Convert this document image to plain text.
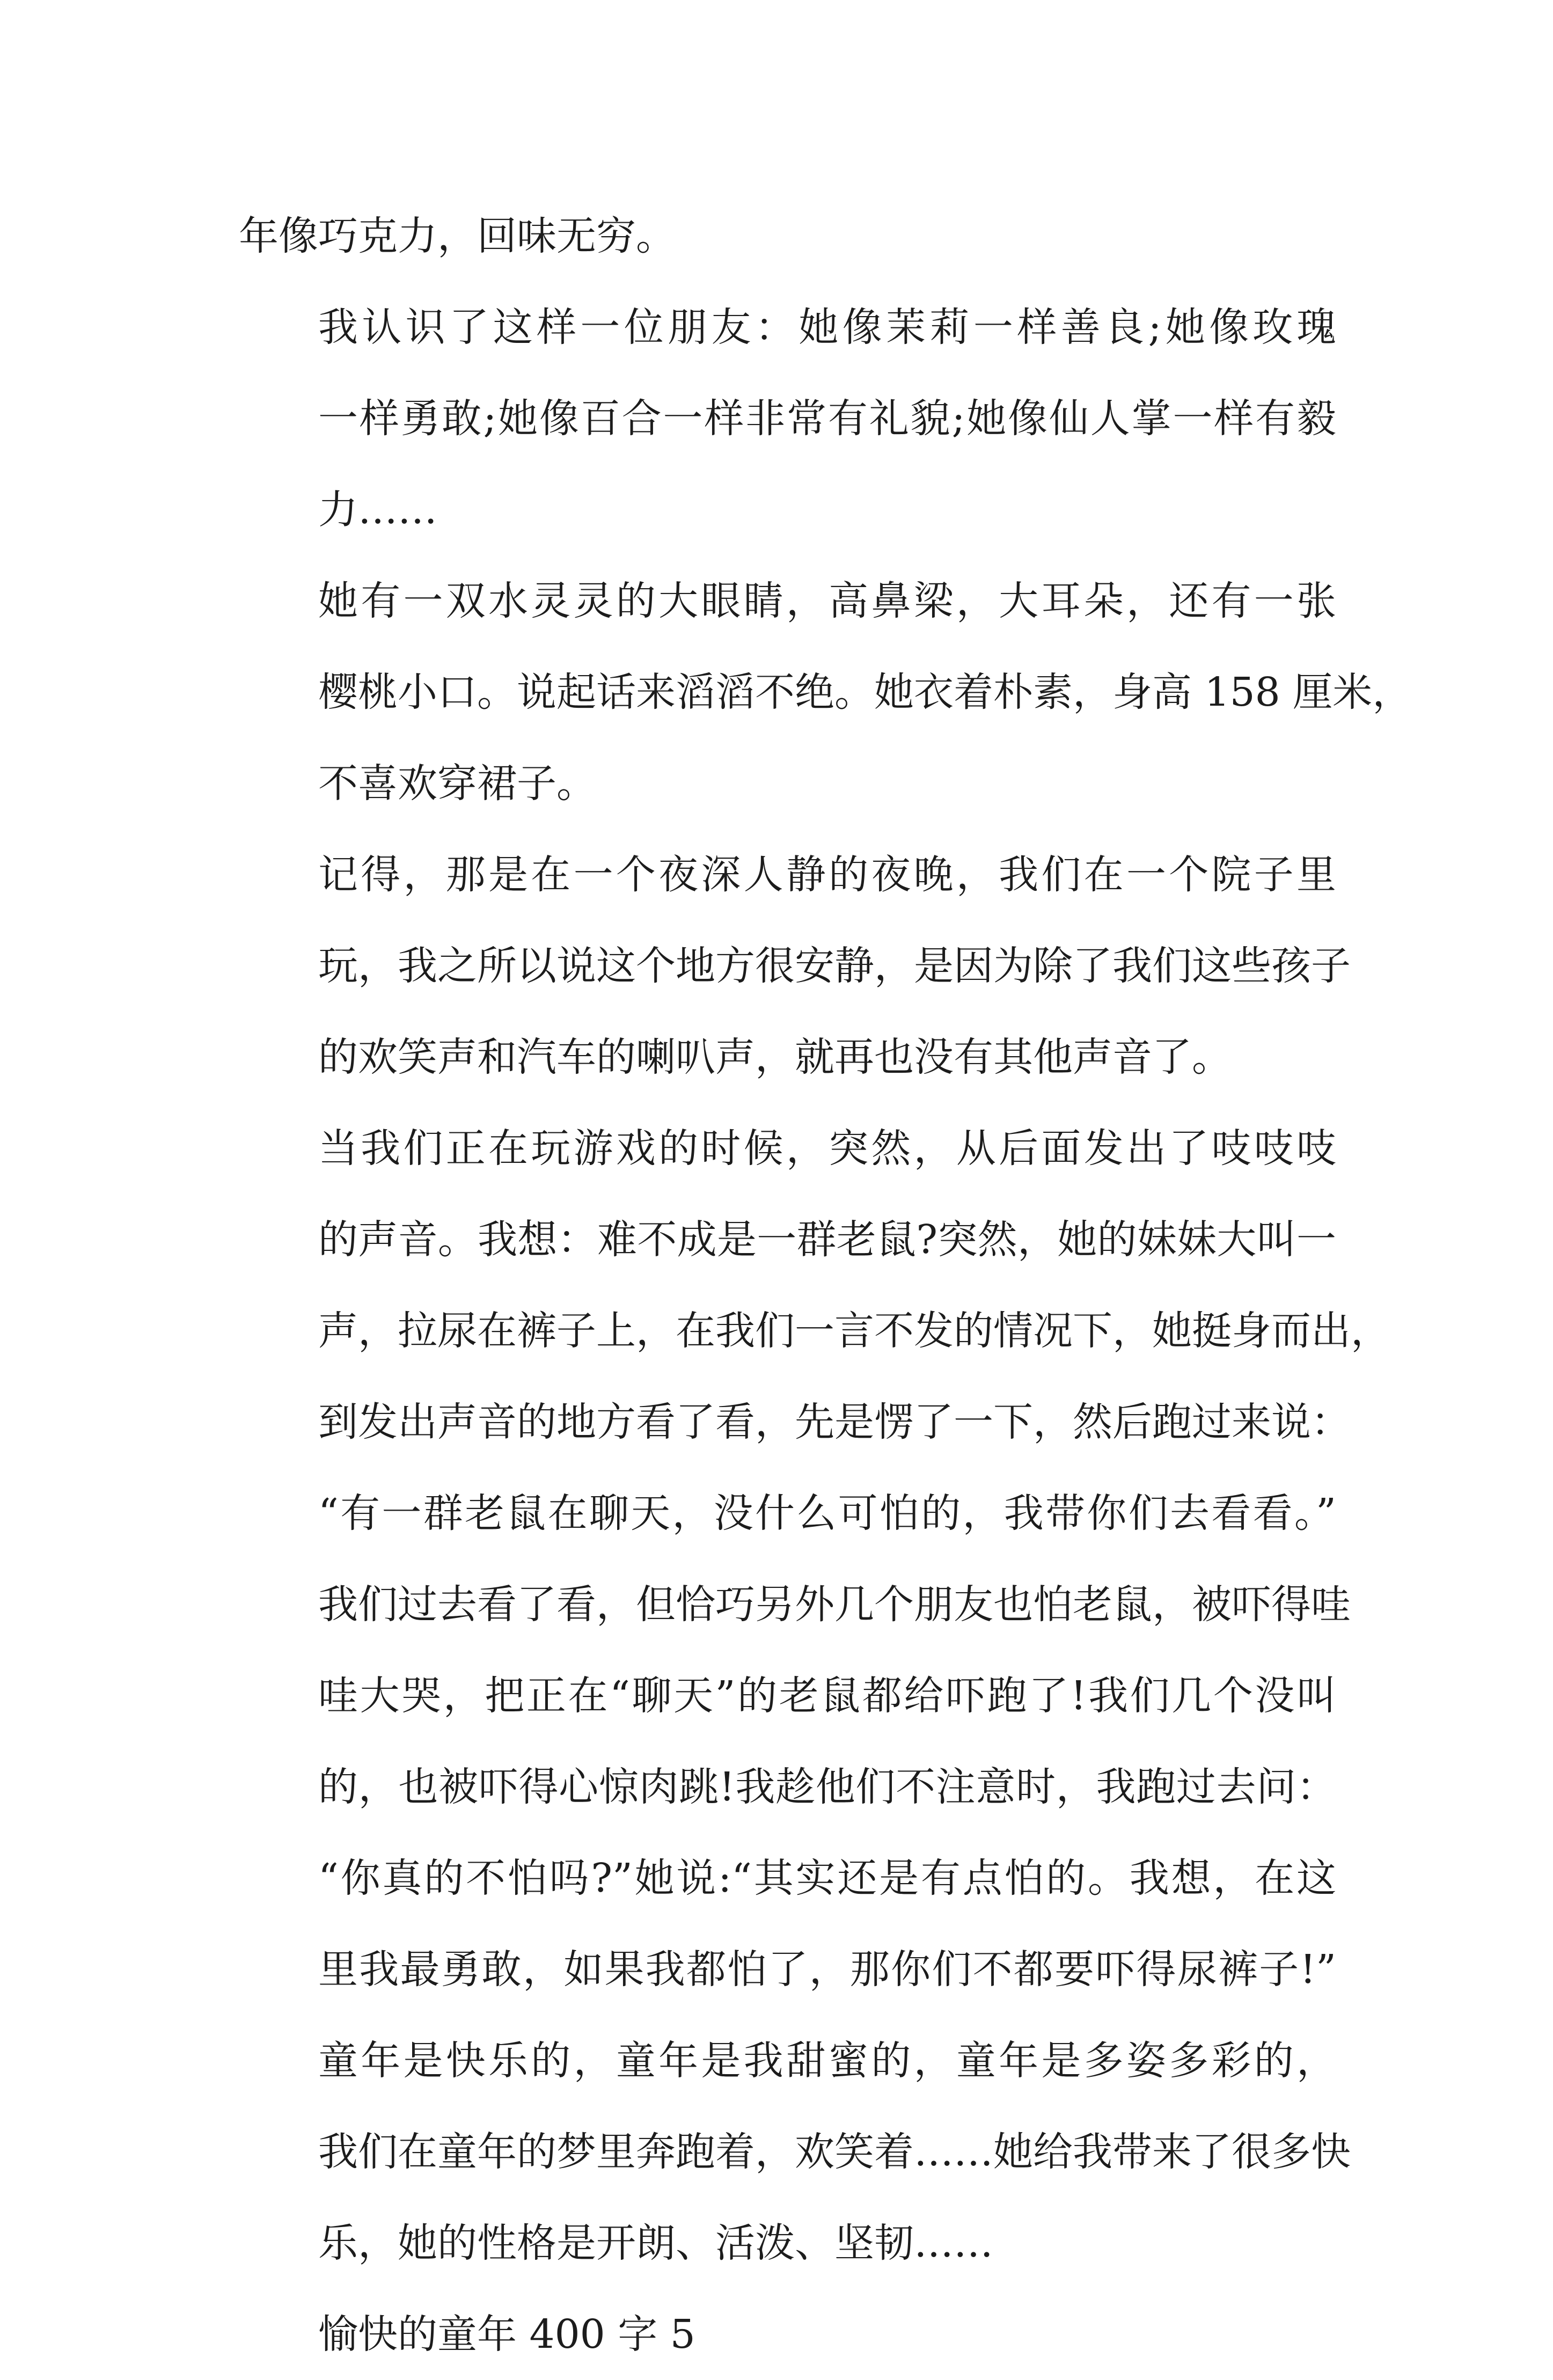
年像巧克力，回味无穷。

我认识了这样一位朋友：她像茉莉一样善良;她像玫瑰
一样勇敢;她像百合一样非常有礼貌;她像仙人掌一样有毅
力……

她有一双水灵灵的大眼睛，高鼻梁，大耳朵，还有一张
樱桃小口。说起话来滔滔不绝。她衣着朴素，身高 158 厘米，
不喜欢穿裙子。

记得，那是在一个夜深人静的夜晚，我们在一个院子里
玩，我之所以说这个地方很安静，是因为除了我们这些孩子
的欢笑声和汽车的喇叭声，就再也没有其他声音了。

当我们正在玩游戏的时候，突然，从后面发出了吱吱吱
的声音。我想：难不成是一群老鼠?突然，她的妹妹大叫一
声，拉尿在裤子上，在我们一言不发的情况下，她挺身而出，
到发出声音的地方看了看，先是愣了一下，然后跑过来说：
“有一群老鼠在聊天，没什么可怕的，我带你们去看看。”
我们过去看了看，但恰巧另外几个朋友也怕老鼠，被吓得哇
哇大哭，把正在“聊天”的老鼠都给吓跑了!我们几个没叫
的，也被吓得心惊肉跳!我趁他们不注意时，我跑过去问：
“你真的不怕吗?”她说:“其实还是有点怕的。我想，在这
里我最勇敢，如果我都怕了，那你们不都要吓得尿裤子!”

童年是快乐的，童年是我甜蜜的，童年是多姿多彩的，
我们在童年的梦里奔跑着，欢笑着……她给我带来了很多快
乐，她的性格是开朗、活泼、坚韧……

愉快的童年 400 字 5
